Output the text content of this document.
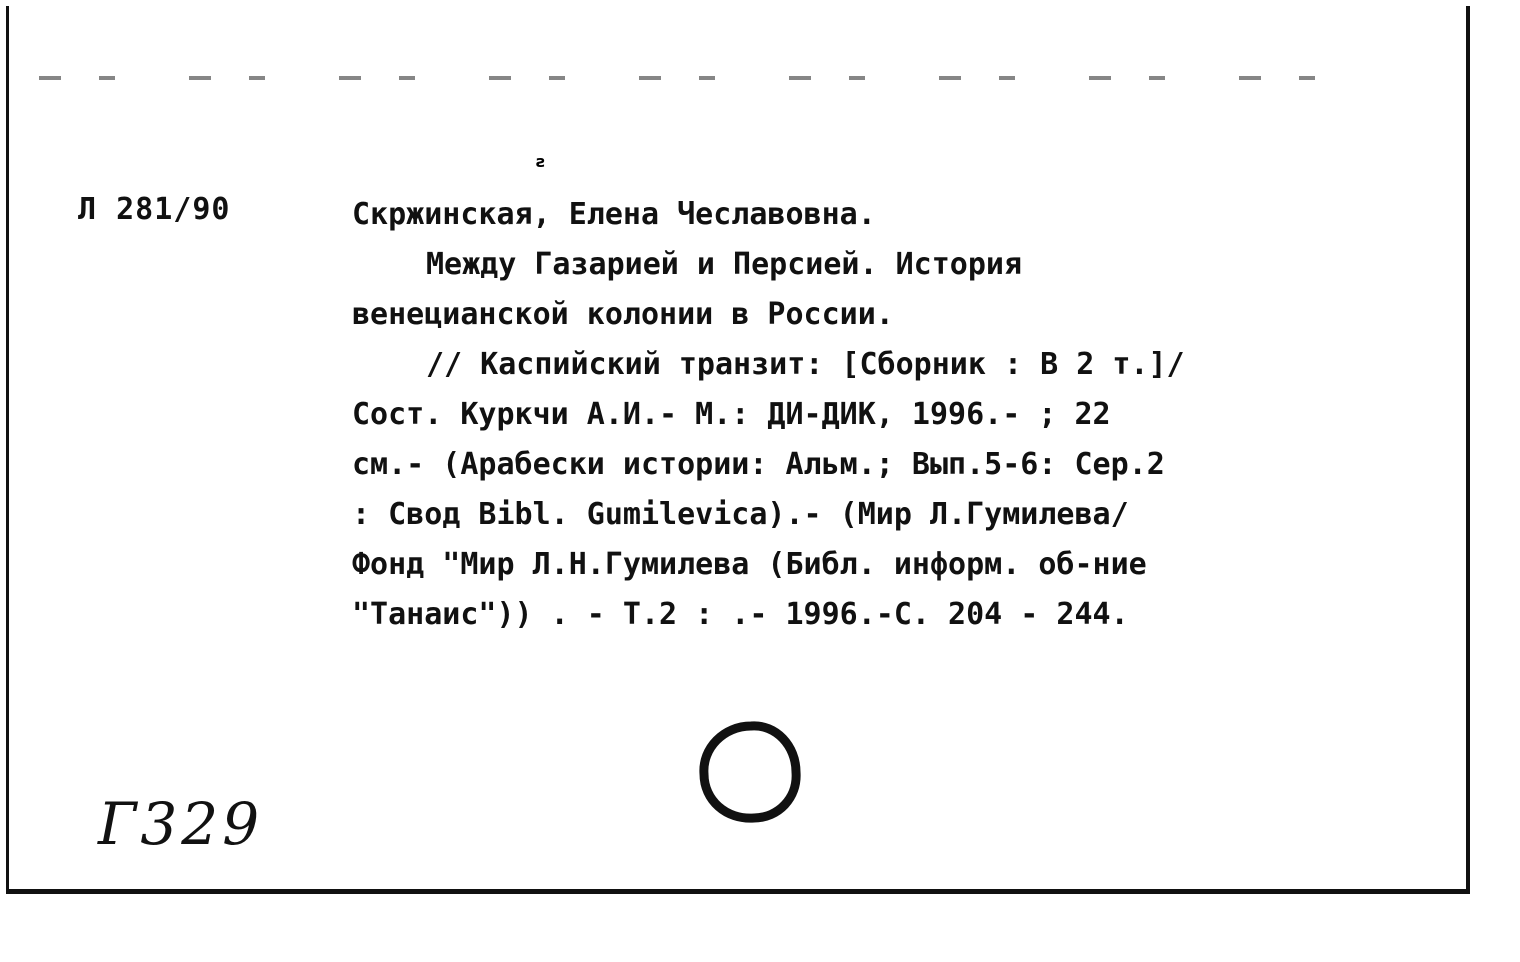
ƨ
Л 281/90	Скржинская, Елена Чеславовна.
Между Газарией и Персией. История
венецианской колонии в России.
// Каспийский транзит: [Сборник : В 2 т.]/
Сост. Куркчи А.И.- М.: ДИ-ДИК, 1996.- ; 22
см.- (Арабески истории: Альм.; Вып.5-6: Сер.2
: Свод Bibl. Gumilevica).- (Мир Л.Гумилева/
Фонд "Мир Л.Н.Гумилева (Библ. информ. об-ние
"Танаис")) . - Т.2 : .- 1996.-С. 204 - 244.
Г329
